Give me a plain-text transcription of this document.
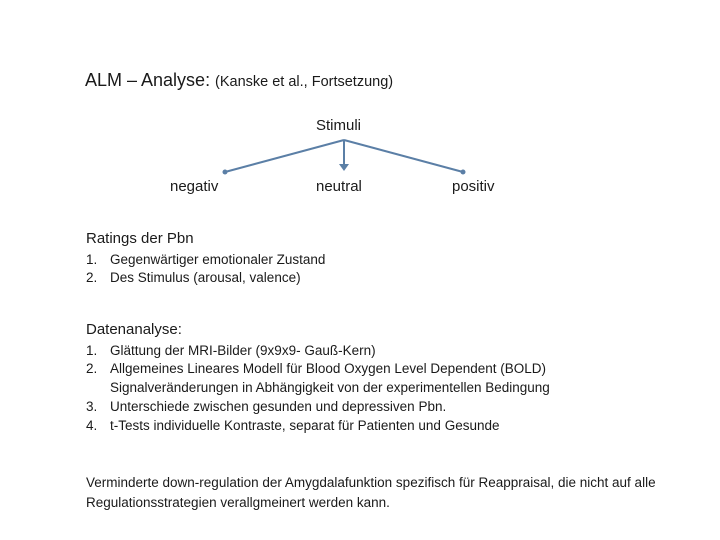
ALM – Analyse: (Kanske et al., Fortsetzung)
Stimuli
negativ	neutral	positiv
Ratings der Pbn
1. Gegenwärtiger emotionaler Zustand
2. Des Stimulus (arousal, valence)
Datenanalyse:
1. Glättung der MRI-Bilder (9x9x9- Gauß-Kern)
2. Allgemeines Lineares Modell für Blood Oxygen Level Dependent (BOLD)
Signalveränderungen in Abhängigkeit von der experimentellen Bedingung
3. Unterschiede zwischen gesunden und depressiven Pbn.
4. t-Tests individuelle Kontraste, separat für Patienten und Gesunde
Verminderte down-regulation der Amygdalafunktion spezifisch für Reappraisal, die nicht auf alle Regulationsstrategien verallgmeinert werden kann.
